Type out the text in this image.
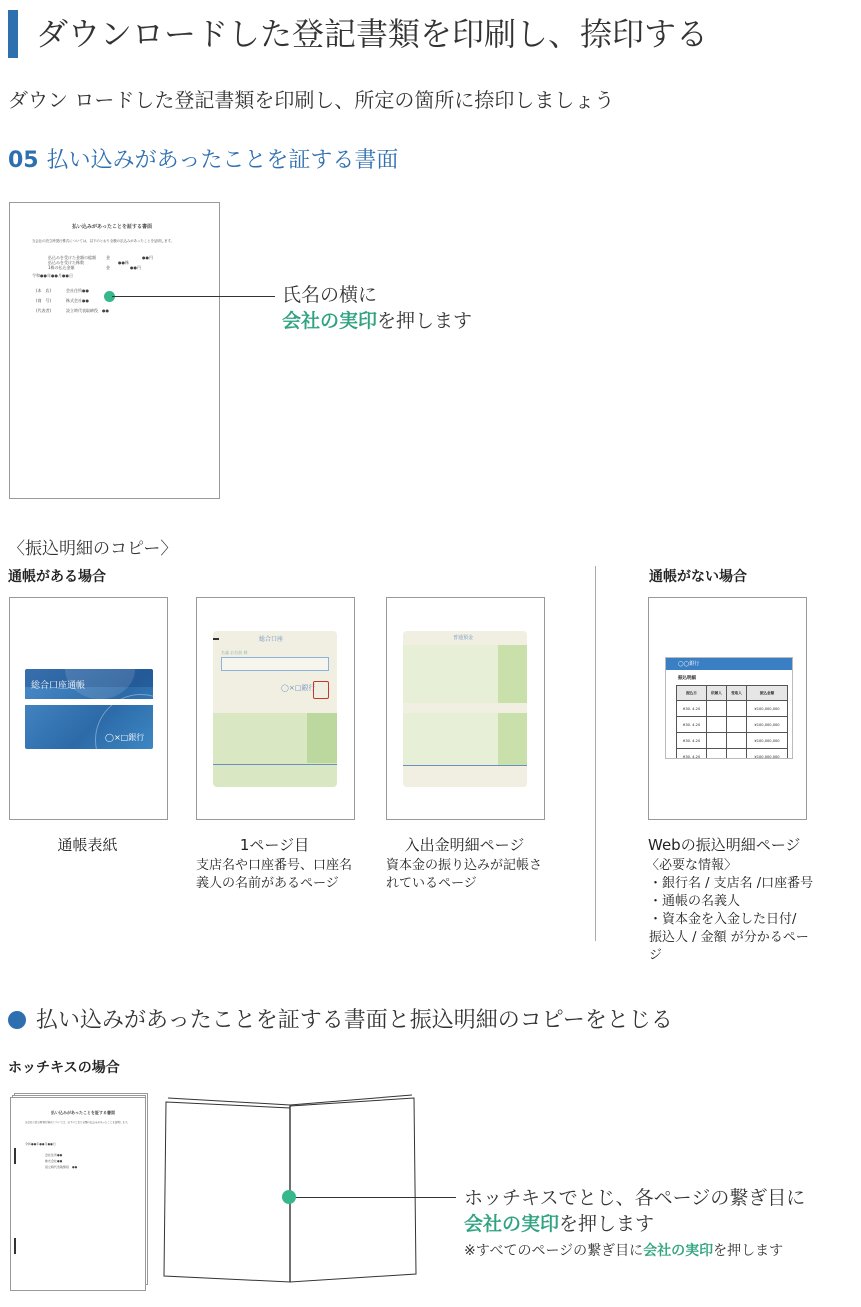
ダウンロードした登記書類を印刷し、捺印する
ダウン ロードした登記書類を印刷し、所定の箇所に捺印しましょう
05 払い込みがあったことを証する書面
払い込みがあったことを証する書面
当会社の設立時発行株式については、以下のとおり全額の払込みがあったことを証明します。
払込みを受けた金額の総額	金	●●円
払込みを受けた株数	●●株
1株の払込金額	金	●●円
令和●●年●●月●●日
(本　店)	会社住所●●
(商　号)	株式会社●●
(代表者)	設立時代表取締役　●●
氏名の横に
会社の実印を押します
〈振込明細のコピー〉
通帳がある場合	通帳がない場合
総合口座通帳
◯×□銀行
通帳表紙
総合口座
名義 お名前 様
◯×□銀行
1ページ目
支店名や口座番号、口座名義人の名前があるページ
普通預金
入出金明細ページ
資本金の振り込みが記帳されているページ
◯◯銀行
振込明細
振込日	依頼人	受取人	振込金額
H30. 4.20			¥100,000,000
H30. 4.20			¥100,000,000
H30. 4.20			¥100,000,000
H30. 4.20			¥100,000,000
Webの振込明細ページ
〈必要な情報〉
・銀行名 / 支店名 /口座番号
・通帳の名義人
・資本金を入金した日付/ 振込人 / 金額 が分かるページ
払い込みがあったことを証する書面と振込明細のコピーをとじる
ホッチキスの場合
払い込みがあったことを証する書面
当会社の設立時発行株式については、以下のとおり全額の払込みがあったことを証明します。
令和●●年●●月●●日
会社住所●●
株式会社●●
設立時代表取締役　●●
ホッチキスでとじ、各ページの繋ぎ目に
会社の実印を押します
※すべてのページの繋ぎ目に会社の実印を押します
